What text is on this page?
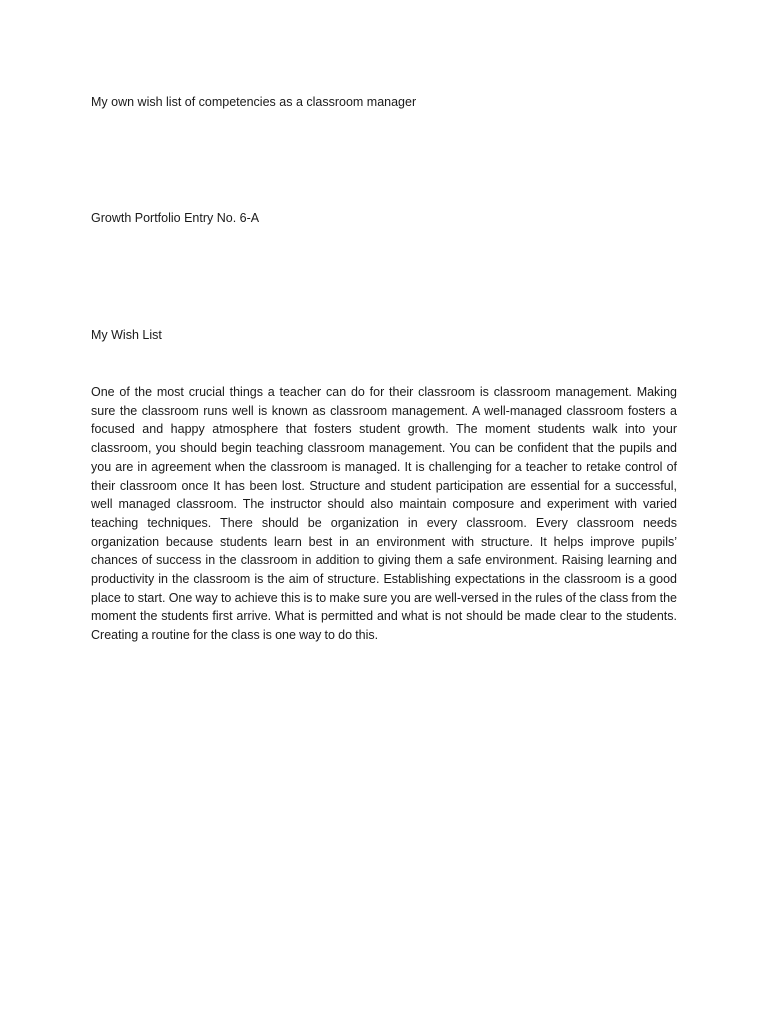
My own wish list of competencies as a classroom manager

Growth Portfolio Entry No. 6-A

My Wish List

One of the most crucial things a teacher can do for their classroom is classroom management. Making sure the classroom runs well is known as classroom management. A well-managed classroom fosters a focused and happy atmosphere that fosters student growth. The moment students walk into your classroom, you should begin teaching classroom management. You can be confident that the pupils and you are in agreement when the classroom is managed. It is challenging for a teacher to retake control of their classroom once It has been lost. Structure and student participation are essential for a successful, well managed classroom. The instructor should also maintain composure and experiment with varied teaching techniques. There should be organization in every classroom. Every classroom needs organization because students learn best in an environment with structure. It helps improve pupils’ chances of success in the classroom in addition to giving them a safe environment. Raising learning and productivity in the classroom is the aim of structure. Establishing expectations in the classroom is a good place to start. One way to achieve this is to make sure you are well-versed in the rules of the class from the moment the students first arrive. What is permitted and what is not should be made clear to the students. Creating a routine for the class is one way to do this.
